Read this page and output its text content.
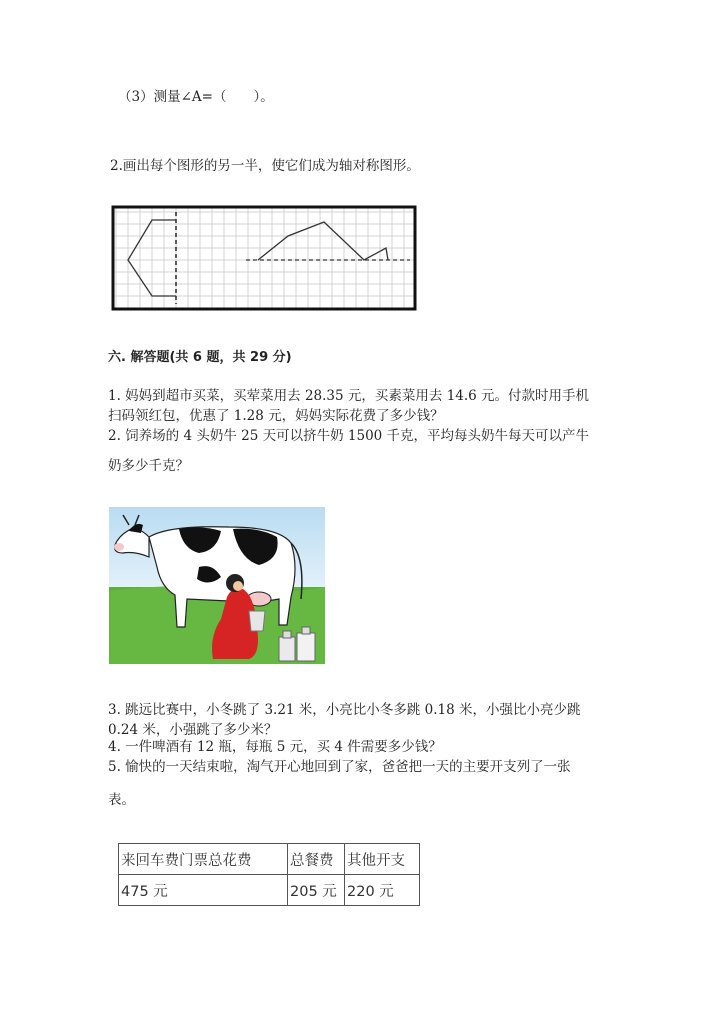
（3）测量∠A=（　　）。
2.画出每个图形的另一半，使它们成为轴对称图形。
六. 解答题(共 6 题，共 29 分)
1. 妈妈到超市买菜，买荤菜用去 28.35 元，买素菜用去 14.6 元。付款时用手机
扫码领红包，优惠了 1.28 元，妈妈实际花费了多少钱？
2. 饲养场的 4 头奶牛 25 天可以挤牛奶 1500 千克，平均每头奶牛每天可以产牛
奶多少千克？
3. 跳远比赛中，小冬跳了 3.21 米，小亮比小冬多跳 0.18 米，小强比小亮少跳
0.24 米，小强跳了多少米？
4. 一件啤酒有 12 瓶，每瓶 5 元，买 4 件需要多少钱？
5. 愉快的一天结束啦，淘气开心地回到了家，爸爸把一天的主要开支列了一张
表。
来回车费门票总花费	总餐费	其他开支
475 元	205 元	220 元
